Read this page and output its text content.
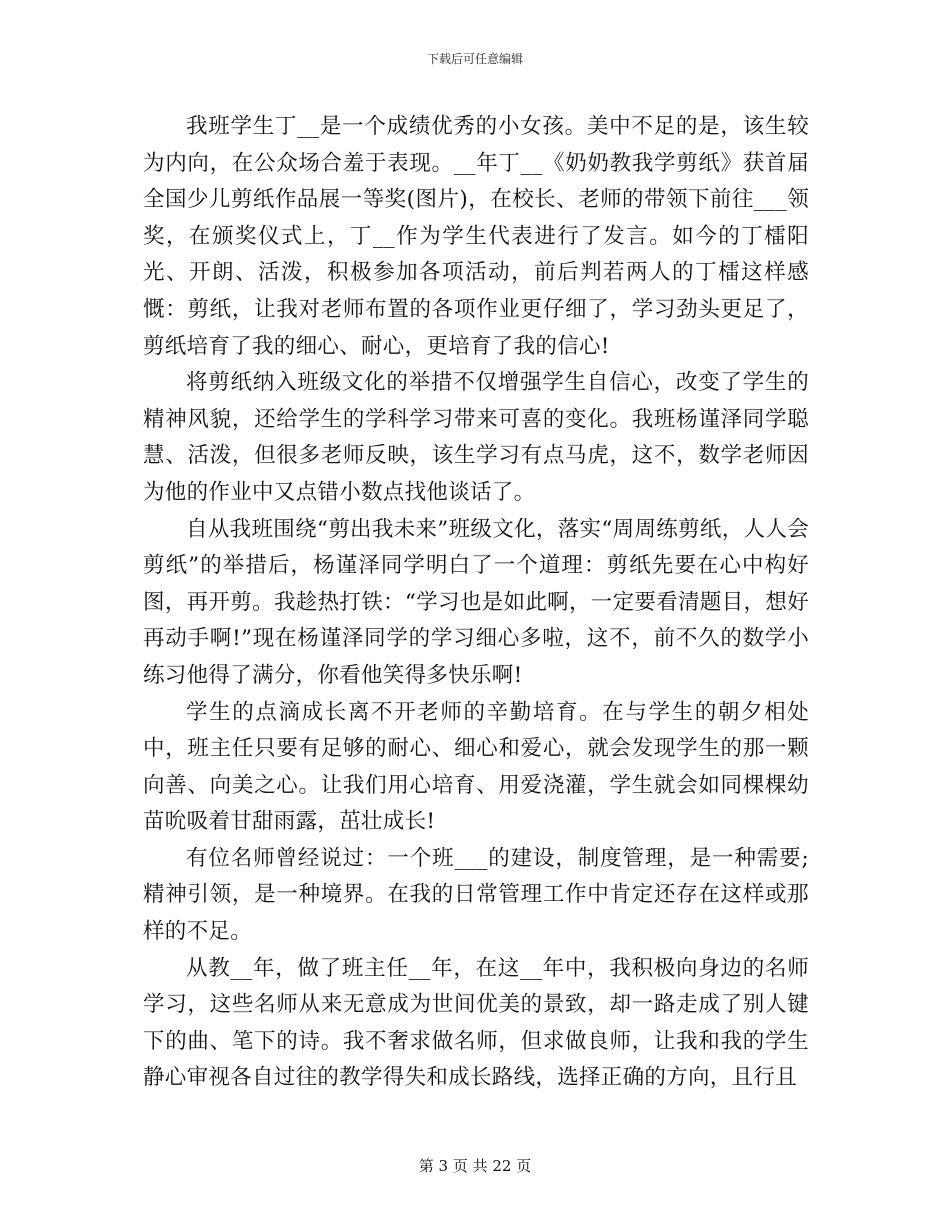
下载后可任意编辑

我班学生丁__是一个成绩优秀的小女孩。美中不足的是，该生较为内向，在公众场合羞于表现。__年丁__《奶奶教我学剪纸》获首届全国少儿剪纸作品展一等奖(图片)，在校长、老师的带领下前往___领奖，在颁奖仪式上，丁__作为学生代表进行了发言。如今的丁檑阳光、开朗、活泼，积极参加各项活动，前后判若两人的丁檑这样感慨：剪纸，让我对老师布置的各项作业更仔细了，学习劲头更足了，剪纸培育了我的细心、耐心，更培育了我的信心!

将剪纸纳入班级文化的举措不仅增强学生自信心，改变了学生的精神风貌，还给学生的学科学习带来可喜的变化。我班杨谨泽同学聪慧、活泼，但很多老师反映，该生学习有点马虎，这不，数学老师因为他的作业中又点错小数点找他谈话了。

自从我班围绕“剪出我未来”班级文化，落实“周周练剪纸，人人会剪纸”的举措后，杨谨泽同学明白了一个道理：剪纸先要在心中构好图，再开剪。我趁热打铁：“学习也是如此啊，一定要看清题目，想好再动手啊!”现在杨谨泽同学的学习细心多啦，这不，前不久的数学小练习他得了满分，你看他笑得多快乐啊!

学生的点滴成长离不开老师的辛勤培育。在与学生的朝夕相处中，班主任只要有足够的耐心、细心和爱心，就会发现学生的那一颗向善、向美之心。让我们用心培育、用爱浇灌，学生就会如同棵棵幼苗吮吸着甘甜雨露，茁壮成长!

有位名师曾经说过：一个班___的建设，制度管理，是一种需要;精神引领，是一种境界。在我的日常管理工作中肯定还存在这样或那样的不足。

从教__年，做了班主任__年，在这__年中，我积极向身边的名师学习，这些名师从来无意成为世间优美的景致，却一路走成了别人键下的曲、笔下的诗。我不奢求做名师，但求做良师，让我和我的学生静心审视各自过往的教学得失和成长路线，选择正确的方向，且行且

第 3 页 共 22 页
